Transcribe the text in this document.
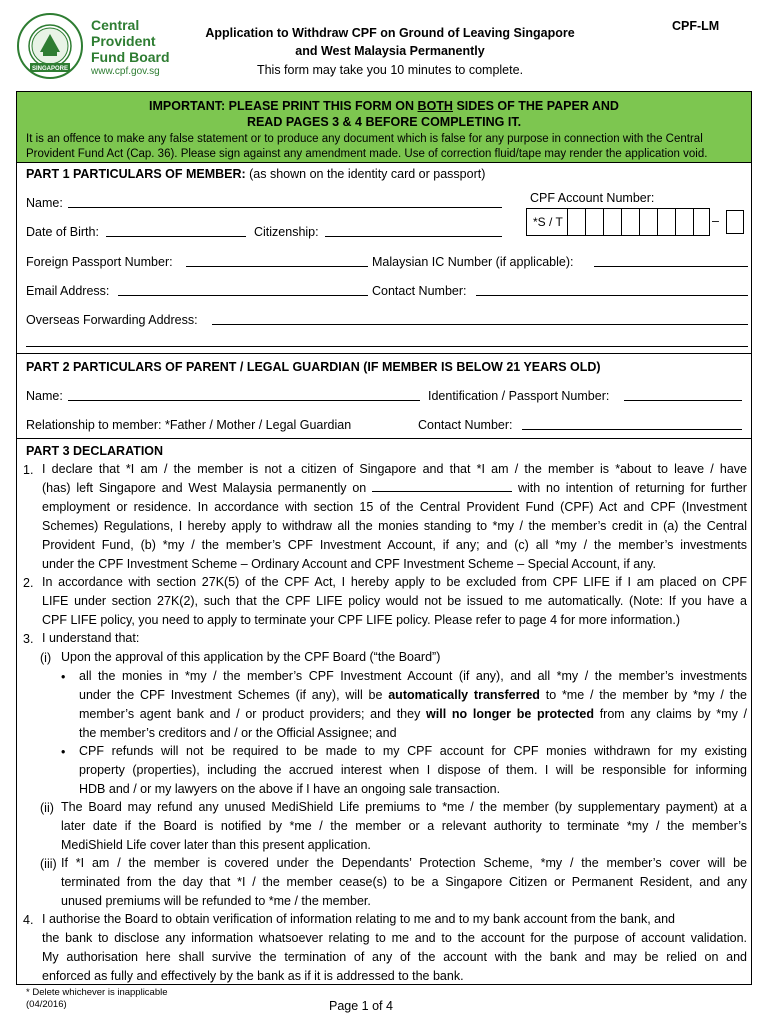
SINGAPORE
Central
Provident
Fund Board
www.cpf.gov.sg
Application to Withdraw CPF on Ground of Leaving Singapore
and West Malaysia Permanently
This form may take you 10 minutes to complete.
CPF-LM
IMPORTANT: PLEASE PRINT THIS FORM ON BOTH SIDES OF THE PAPER AND
READ PAGES 3 & 4 BEFORE COMPLETING IT.
It is an offence to make any false statement or to produce any document which is false for any purpose in connection with the Central Provident Fund Act (Cap. 36). Please sign against any amendment made. Use of correction fluid/tape may render the application void.
PART 1 PARTICULARS OF MEMBER: (as shown on the identity card or passport)
Name:	CPF Account Number:
*S / T	–
Date of Birth:	Citizenship:
Foreign Passport Number:	Malaysian IC Number (if applicable):
Email Address:	Contact Number:
Overseas Forwarding Address:
PART 2 PARTICULARS OF PARENT / LEGAL GUARDIAN (IF MEMBER IS BELOW 21 YEARS OLD)
Name:	Identification / Passport Number:
Relationship to member: *Father / Mother / Legal Guardian	Contact Number:
PART 3 DECLARATION
1. I declare that *I am / the member is not a citizen of Singapore and that *I am / the member is *about to leave / have
(has) left Singapore and West Malaysia permanently on	with no intention of returning for further
employment or residence. In accordance with section 15 of the Central Provident Fund (CPF) Act and CPF (Investment
Schemes) Regulations, I hereby apply to withdraw all the monies standing to *my / the member’s credit in (a) the Central
Provident Fund, (b) *my / the member’s CPF Investment Account, if any; and (c) all *my / the member’s investments
under the CPF Investment Scheme – Ordinary Account and CPF Investment Scheme – Special Account, if any.
2. In accordance with section 27K(5) of the CPF Act, I hereby apply to be excluded from CPF LIFE if I am placed on CPF
LIFE under section 27K(2), such that the CPF LIFE policy would not be issued to me automatically. (Note: If you have a
CPF LIFE policy, you need to apply to terminate your CPF LIFE policy. Please refer to page 4 for more information.)
3. I understand that:
(i) Upon the approval of this application by the CPF Board (“the Board”)
• all the monies in *my / the member’s CPF Investment Account (if any), and all *my / the member’s investments
under the CPF Investment Schemes (if any), will be automatically transferred to *me / the member by *my / the
member’s agent bank and / or product providers; and they will no longer be protected from any claims by *my /
the member’s creditors and / or the Official Assignee; and
• CPF refunds will not be required to be made to my CPF account for CPF monies withdrawn for my existing
property (properties), including the accrued interest when I dispose of them. I will be responsible for informing
HDB and / or my lawyers on the above if I have an ongoing sale transaction.
(ii) The Board may refund any unused MediShield Life premiums to *me / the member (by supplementary payment) at a
later date if the Board is notified by *me / the member or a relevant authority to terminate *my / the member’s
MediShield Life cover later than this present application.
(iii) If *I am / the member is covered under the Dependants’ Protection Scheme, *my / the member’s cover will be
terminated from the day that *I / the member cease(s) to be a Singapore Citizen or Permanent Resident, and any
unused premiums will be refunded to *me / the member.
4. I authorise the Board to obtain verification of information relating to me and to my bank account from the bank, and
the bank to disclose any information whatsoever relating to me and to the account for the purpose of account validation.
My authorisation here shall survive the termination of any of the account with the bank and may be relied on and
enforced as fully and effectively by the bank as if it is addressed to the bank.
* Delete whichever is inapplicable
(04/2016)	Page 1 of 4
